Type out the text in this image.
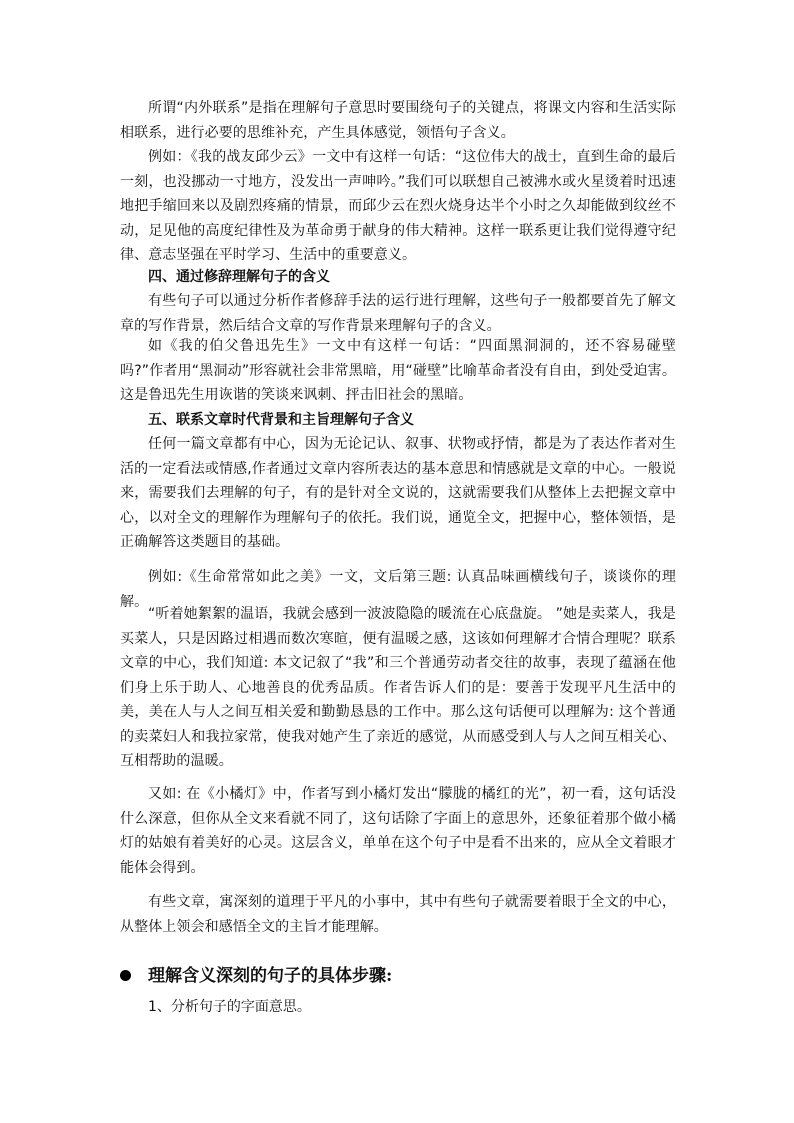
所谓“内外联系”是指在理解句子意思时要围绕句子的关键点，将课文内容和生活实际相联系，进行必要的思维补充，产生具体感觉，领悟句子含义。

例如：《我的战友邱少云》一文中有这样一句话：“这位伟大的战士，直到生命的最后一刻，也没挪动一寸地方，没发出一声呻吟。”我们可以联想自己被沸水或火星烫着时迅速地把手缩回来以及剧烈疼痛的情景，而邱少云在烈火烧身达半个小时之久却能做到纹丝不动，足见他的高度纪律性及为革命勇于献身的伟大精神。这样一联系更让我们觉得遵守纪律、意志坚强在平时学习、生活中的重要意义。

四、通过修辞理解句子的含义

有些句子可以通过分析作者修辞手法的运行进行理解，这些句子一般都要首先了解文章的写作背景，然后结合文章的写作背景来理解句子的含义。

如《我的伯父鲁迅先生》一文中有这样一句话：“四面黑洞洞的，还不容易碰壁吗?”作者用“黑洞动”形容就社会非常黑暗，用“碰壁”比喻革命者没有自由，到处受迫害。这是鲁迅先生用诙谐的笑谈来讽刺、抨击旧社会的黑暗。

五、联系文章时代背景和主旨理解句子含义

任何一篇文章都有中心，因为无论记认、叙事、状物或抒情，都是为了表达作者对生活的一定看法或情感,作者通过文章内容所表达的基本意思和情感就是文章的中心。一般说来，需要我们去理解的句子，有的是针对全文说的，这就需要我们从整体上去把握文章中心，以对全文的理解作为理解句子的依托。我们说，通览全文，把握中心，整体领悟，是正确解答这类题目的基础。

例如:《生命常常如此之美》一文，文后第三题: 认真品味画横线句子，谈谈你的理解。

“听着她絮絮的温语，我就会感到一波波隐隐的暖流在心底盘旋。 ”她是卖菜人，我是买菜人，只是因路过相遇而数次寒暄，便有温暖之感，这该如何理解才合情合理呢？联系文章的中心，我们知道: 本文记叙了“我”和三个普通劳动者交往的故事，表现了蕴涵在他们身上乐于助人、心地善良的优秀品质。作者告诉人们的是：要善于发现平凡生活中的美，美在人与人之间互相关爱和勤勤恳恳的工作中。那么这句话便可以理解为: 这个普通的卖菜妇人和我拉家常，使我对她产生了亲近的感觉，从而感受到人与人之间互相关心、互相帮助的温暖。

又如: 在《小橘灯》中，作者写到小橘灯发出“朦胧的橘红的光”，初一看，这句话没什么深意，但你从全文来看就不同了，这句话除了字面上的意思外，还象征着那个做小橘灯的姑娘有着美好的心灵。这层含义，单单在这个句子中是看不出来的，应从全文着眼才能体会得到。

有些文章，寓深刻的道理于平凡的小事中，其中有些句子就需要着眼于全文的中心，从整体上领会和感悟全文的主旨才能理解。

理解含义深刻的句子的具体步骤:
1、分析句子的字面意思。
